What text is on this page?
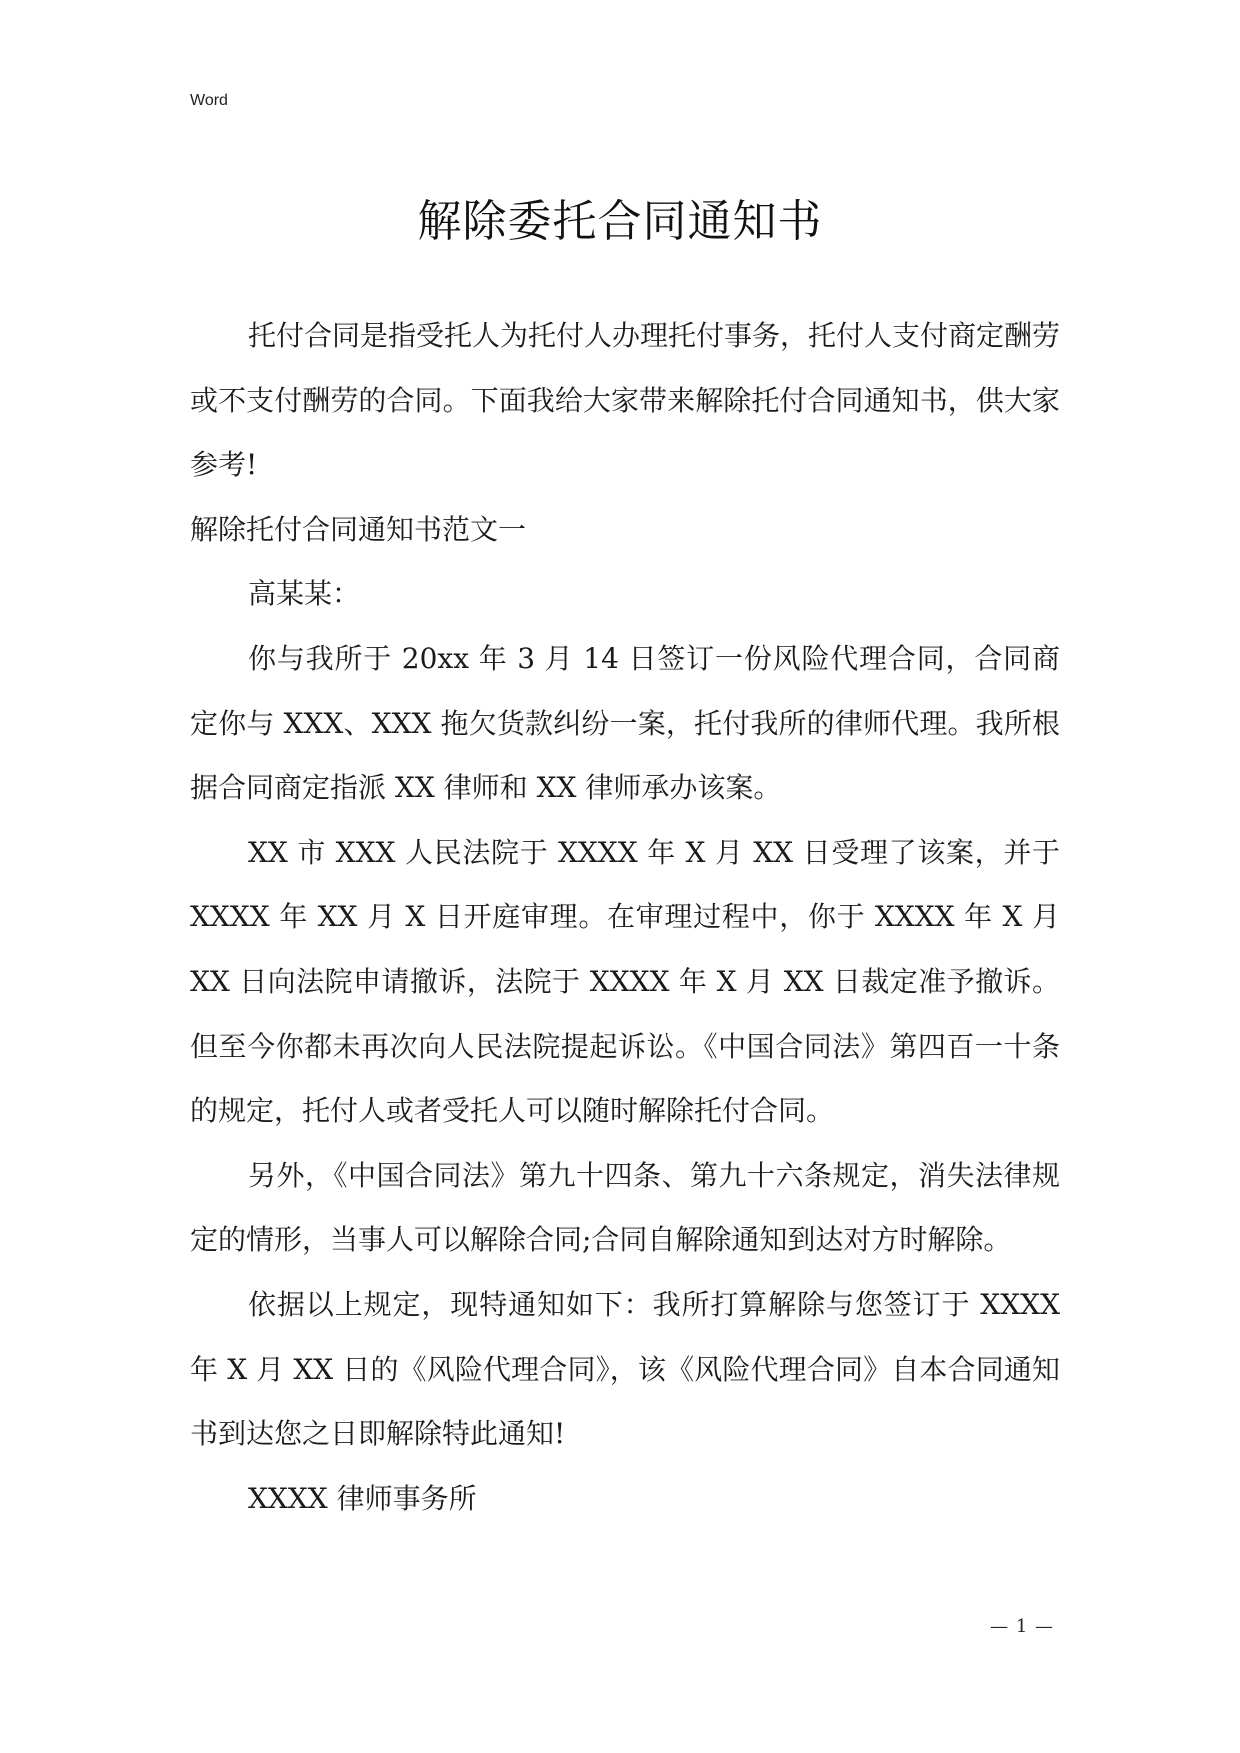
Word
解除委托合同通知书

托付合同是指受托人为托付人办理托付事务，托付人支付商定酬劳或不支付酬劳的合同。下面我给大家带来解除托付合同通知书，供大家参考!

解除托付合同通知书范文一

高某某：

你与我所于 20xx 年 3 月 14 日签订一份风险代理合同，合同商定你与 XXX、XXX 拖欠货款纠纷一案，托付我所的律师代理。我所根据合同商定指派 XX 律师和 XX 律师承办该案。

XX 市 XXX 人民法院于 XXXX 年 X 月 XX 日受理了该案，并于 XXXX 年 XX 月 X 日开庭审理。在审理过程中，你于 XXXX 年 X 月 XX 日向法院申请撤诉，法院于 XXXX 年 X 月 XX 日裁定准予撤诉。但至今你都未再次向人民法院提起诉讼。《中国合同法》第四百一十条的规定，托付人或者受托人可以随时解除托付合同。

另外，《中国合同法》第九十四条、第九十六条规定，消失法律规定的情形，当事人可以解除合同;合同自解除通知到达对方时解除。

依据以上规定，现特通知如下：我所打算解除与您签订于 XXXX 年 X 月 XX 日的《风险代理合同》，该《风险代理合同》自本合同通知书到达您之日即解除特此通知!

XXXX 律师事务所

— 1 —
